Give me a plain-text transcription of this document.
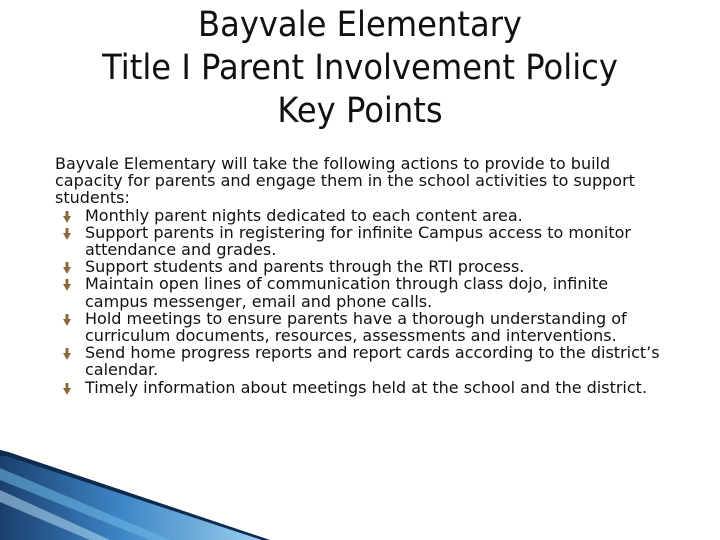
Bayvale Elementary
Title I Parent Involvement Policy
Key Points

Bayvale Elementary will take the following actions to provide to build capacity for parents and engage them in the school activities to support students:

Monthly parent nights dedicated to each content area.
Support parents in registering for infinite Campus access to monitor attendance and grades.
Support students and parents through the RTI process.
Maintain open lines of communication through class dojo, infinite campus messenger, email and phone calls.
Hold meetings to ensure parents have a thorough understanding of curriculum documents, resources, assessments and interventions.
Send home progress reports and report cards according to the district’s calendar.
Timely information about meetings held at the school and the district.
